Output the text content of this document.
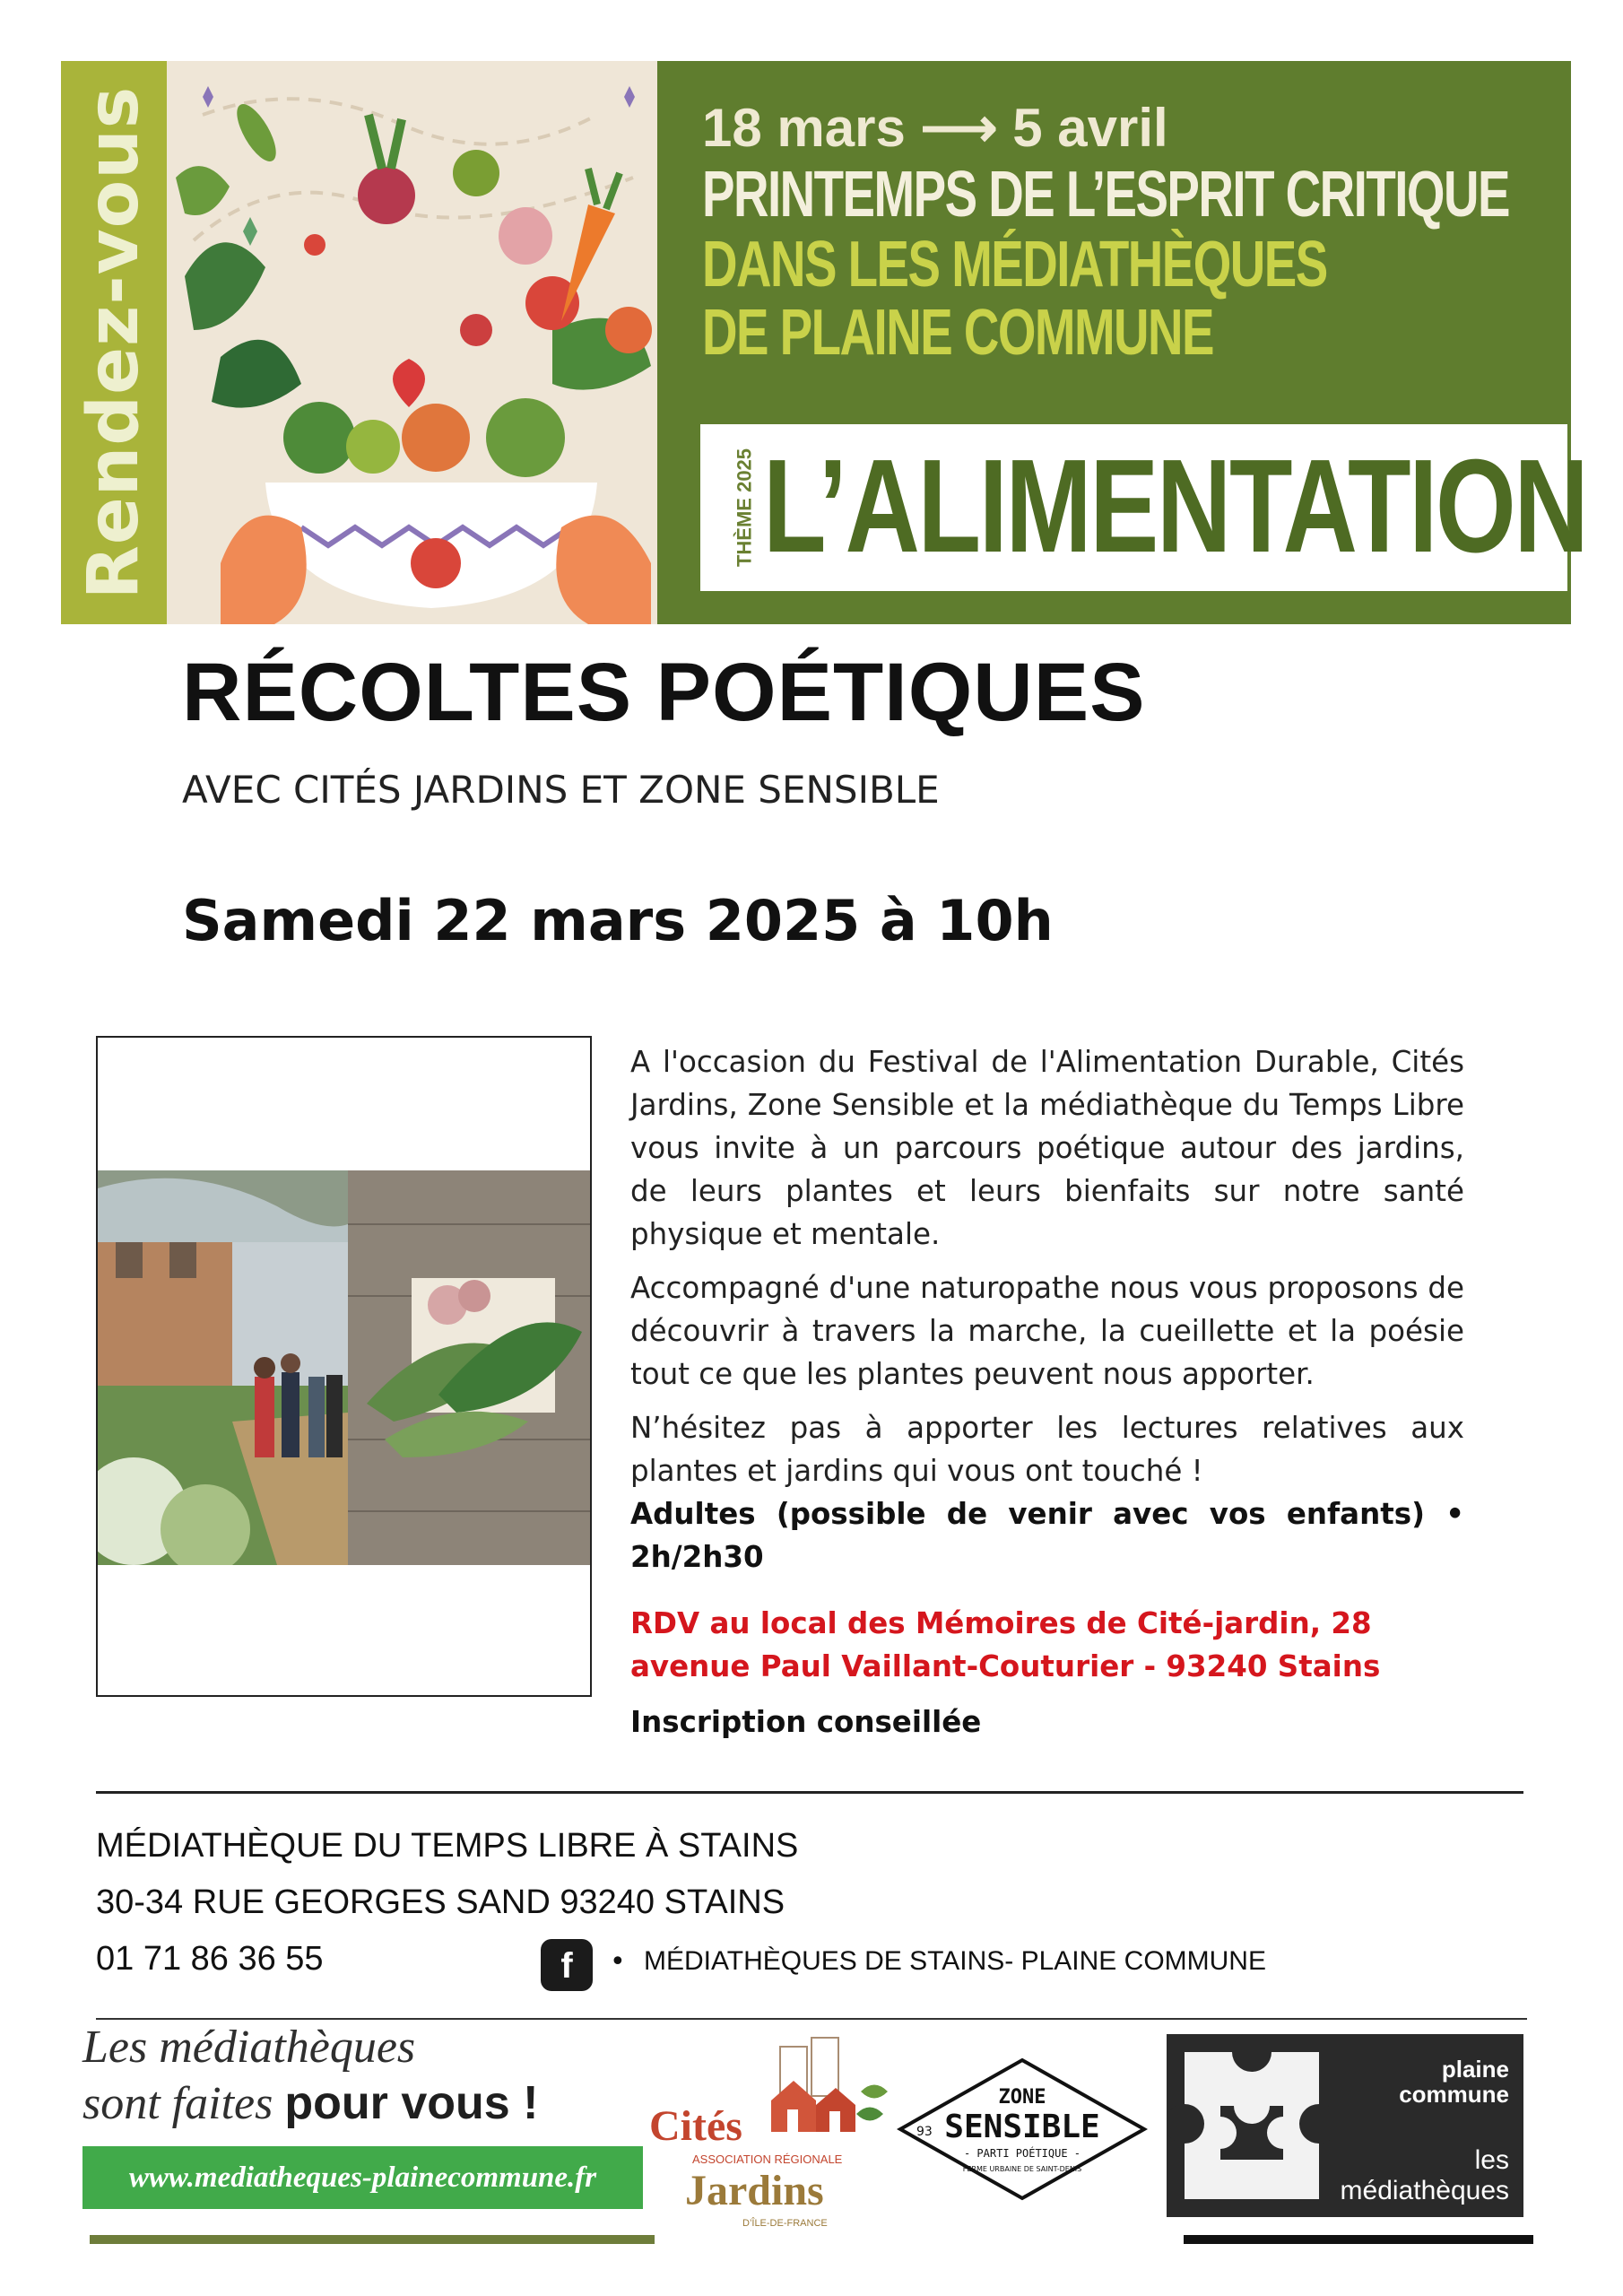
Rendez-vous	18 mars ⟶ 5 avril
PRINTEMPS DE L’ESPRIT CRITIQUE
DANS LES MÉDIATHÈQUES
DE PLAINE COMMUNE
THÈME 2025 L’ALIMENTATION
RÉCOLTES POÉTIQUES
AVEC CITÉS JARDINS ET ZONE SENSIBLE
Samedi 22 mars 2025 à 10h

A l'occasion du Festival de l'Alimentation Durable, Cités Jardins, Zone Sensible et la médiathèque du Temps Libre vous invite à un parcours poétique autour des jardins, de leurs plantes et leurs bienfaits sur notre santé physique et mentale.

Accompagné d'une naturopathe nous vous proposons de découvrir à travers la marche, la cueillette et la poésie tout ce que les plantes peuvent nous apporter.

N’hésitez pas à apporter les lectures relatives aux plantes et jardins qui vous ont touché !

Adultes (possible de venir avec vos enfants) • 2h/2h30

RDV au local des Mémoires de Cité-jardin, 28 avenue Paul Vaillant-Couturier - 93240 Stains

Inscription conseillée

MÉDIATHÈQUE DU TEMPS LIBRE À STAINS
30-34 RUE GEORGES SAND 93240 STAINS
01 71 86 36 55	f	• MÉDIATHÈQUES DE STAINS- PLAINE COMMUNE
Les médiathèques
sont faites pour vous !
www.mediatheques-plainecommune.fr
Cités
ASSOCIATION RÉGIONALE
Jardins
D’ÎLE-DE-FRANCE
ZONE
SENSIBLE
- PARTI POÉTIQUE -
FERME URBAINE DE SAINT-DENIS
93
plaine
commune
les
médiathèques
